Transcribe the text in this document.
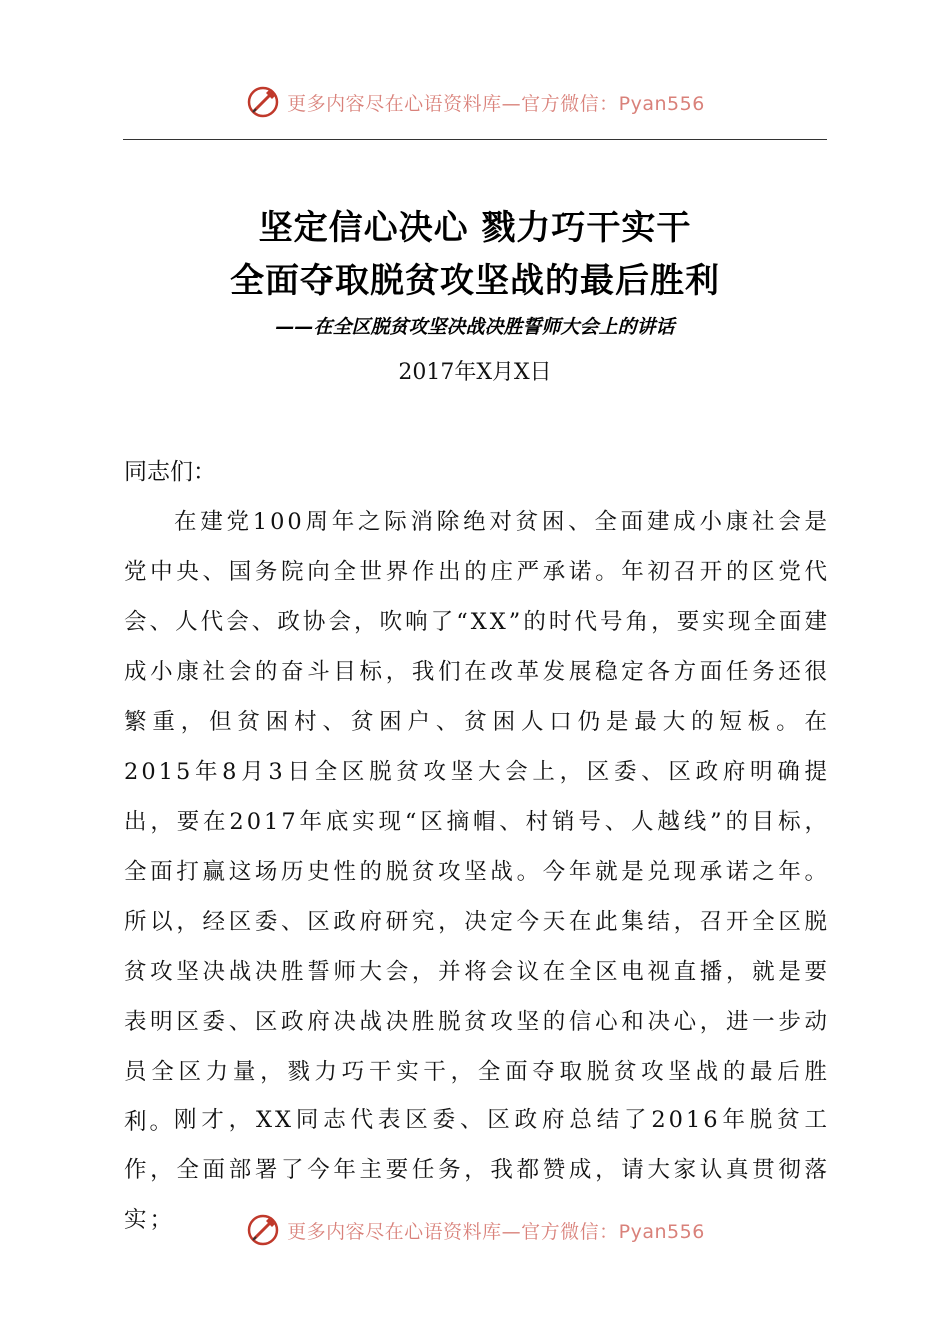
更多内容尽在心语资料库—官方微信：Pyan556
坚定信心决心 戮力巧干实干
全面夺取脱贫攻坚战的最后胜利
——在全区脱贫攻坚决战决胜誓师大会上的讲话
2017年X月X日
同志们：

在建党100周年之际消除绝对贫困、全面建成小康社会是党中央、国务院向全世界作出的庄严承诺。年初召开的区党代会、人代会、政协会，吹响了“XX”的时代号角，要实现全面建成小康社会的奋斗目标，我们在改革发展稳定各方面任务还很繁重，但贫困村、贫困户、贫困人口仍是最大的短板。在2015年8月3日全区脱贫攻坚大会上，区委、区政府明确提出，要在2017年底实现“区摘帽、村销号、人越线”的目标，全面打赢这场历史性的脱贫攻坚战。今年就是兑现承诺之年。所以，经区委、区政府研究，决定今天在此集结，召开全区脱贫攻坚决战决胜誓师大会，并将会议在全区电视直播，就是要表明区委、区政府决战决胜脱贫攻坚的信心和决心，进一步动员全区力量，戮力巧干实干，全面夺取脱贫攻坚战的最后胜利。

刚才，XX同志代表区委、区政府总结了2016年脱贫工作，全面部署了今年主要任务，我都赞成，请大家认真贯彻落实；	更多内容尽在心语资料库—官方微信：Pyan556
